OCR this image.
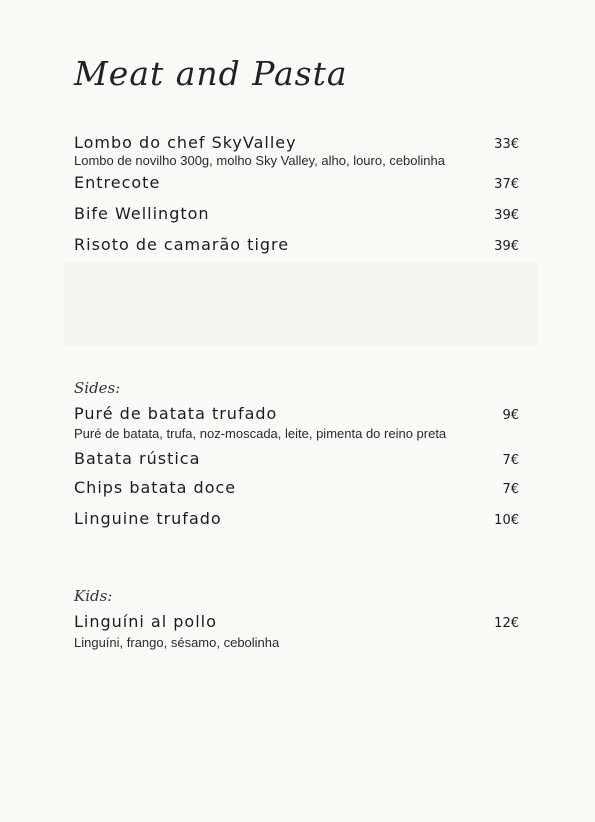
Meat and Pasta
Lombo do chef SkyValley	33€
Lombo de novilho 300g, molho Sky Valley, alho, louro, cebolinha
Entrecote	37€
Bife Wellington	39€
Risoto de camarão tigre	39€
Sides:
Puré de batata trufado	9€
Puré de batata, trufa, noz-moscada, leite, pimenta do reino preta
Batata rústica	7€
Chips batata doce	7€
Linguine trufado	10€
Kids:
Linguíni al pollo	12€
Linguíni, frango, sésamo, cebolinha
